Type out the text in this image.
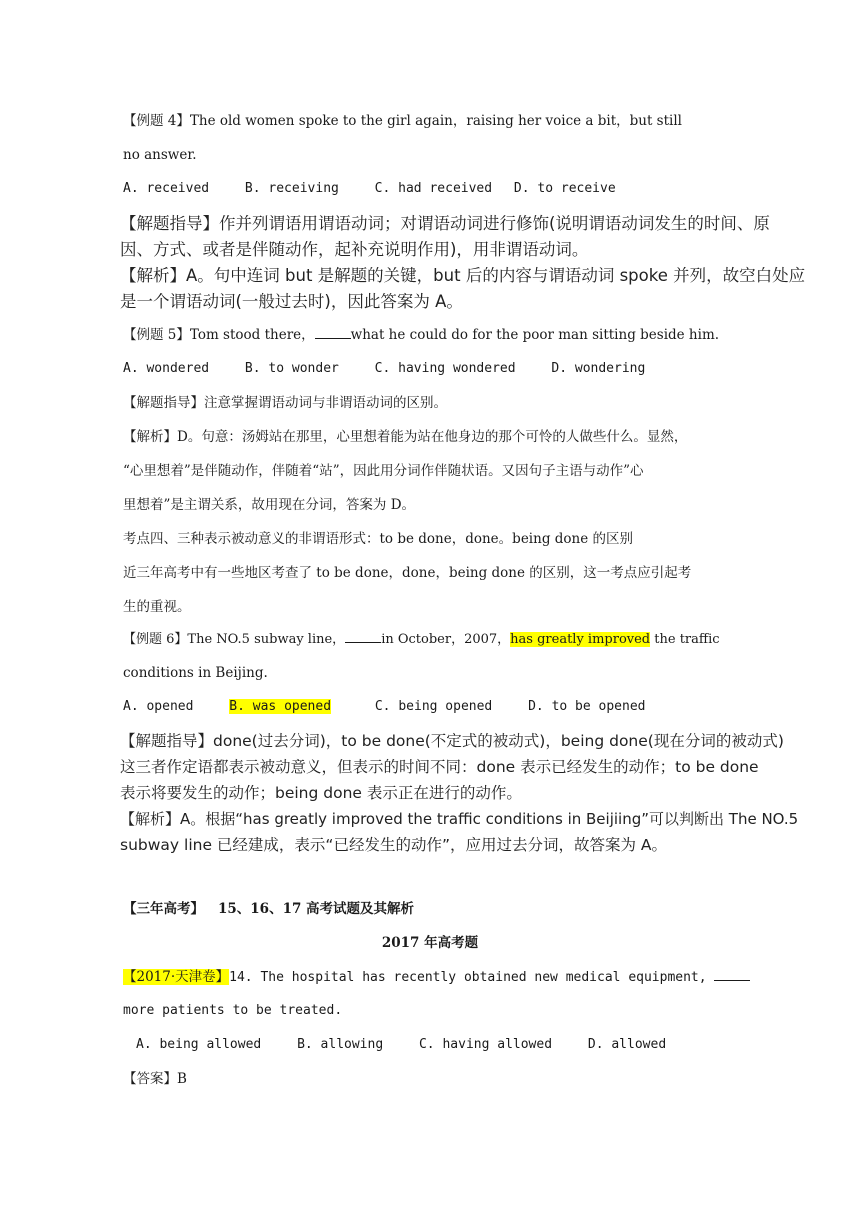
【例题 4】The old women spoke to the girl again，raising her voice a bit，but still
no answer.
A. received	B. receiving	C. had received D. to receive
【解题指导】作并列谓语用谓语动词；对谓语动词进行修饰(说明谓语动词发生的时间、原
因、方式、或者是伴随动作，起补充说明作用)，用非谓语动词。
【解析】A。句中连词 but 是解题的关键，but 后的内容与谓语动词 spoke 并列，故空白处应
是一个谓语动词(一般过去时)，因此答案为 A。
【例题 5】Tom stood there，	what he could do for the poor man sitting beside him.
A. wondered	B. to wonder	C. having wondered	D. wondering
【解题指导】注意掌握谓语动词与非谓语动词的区别。
【解析】D。句意：汤姆站在那里，心里想着能为站在他身边的那个可怜的人做些什么。显然，
“心里想着”是伴随动作，伴随着“站”，因此用分词作伴随状语。又因句子主语与动作”心
里想着”是主谓关系，故用现在分词，答案为 D。
考点四、三种表示被动意义的非谓语形式：to be done，done。being done 的区别
近三年高考中有一些地区考查了 to be done，done，being done 的区别，这一考点应引起考
生的重视。
【例题 6】The NO.5 subway line，	in October，2007，has greatly improved the traffic
conditions in Beijing.
A. opened	B. was opened	C. being opened	D. to be opened
【解题指导】done(过去分词)，to be done(不定式的被动式)，being done(现在分词的被动式)
这三者作定语都表示被动意义，但表示的时间不同：done 表示已经发生的动作；to be done
表示将要发生的动作；being done 表示正在进行的动作。
【解析】A。根据“has greatly improved the traffic conditions in Beijiing”可以判断出 The NO.5
subway line 已经建成，表示“已经发生的动作”，应用过去分词，故答案为 A。
【三年高考】 15、16、17 高考试题及其解析
2017 年高考题
【2017·天津卷】14. The hospital has recently obtained new medical equipment,
more patients to be treated.
A. being allowed	B. allowing	C. having allowed	D. allowed
【答案】B
